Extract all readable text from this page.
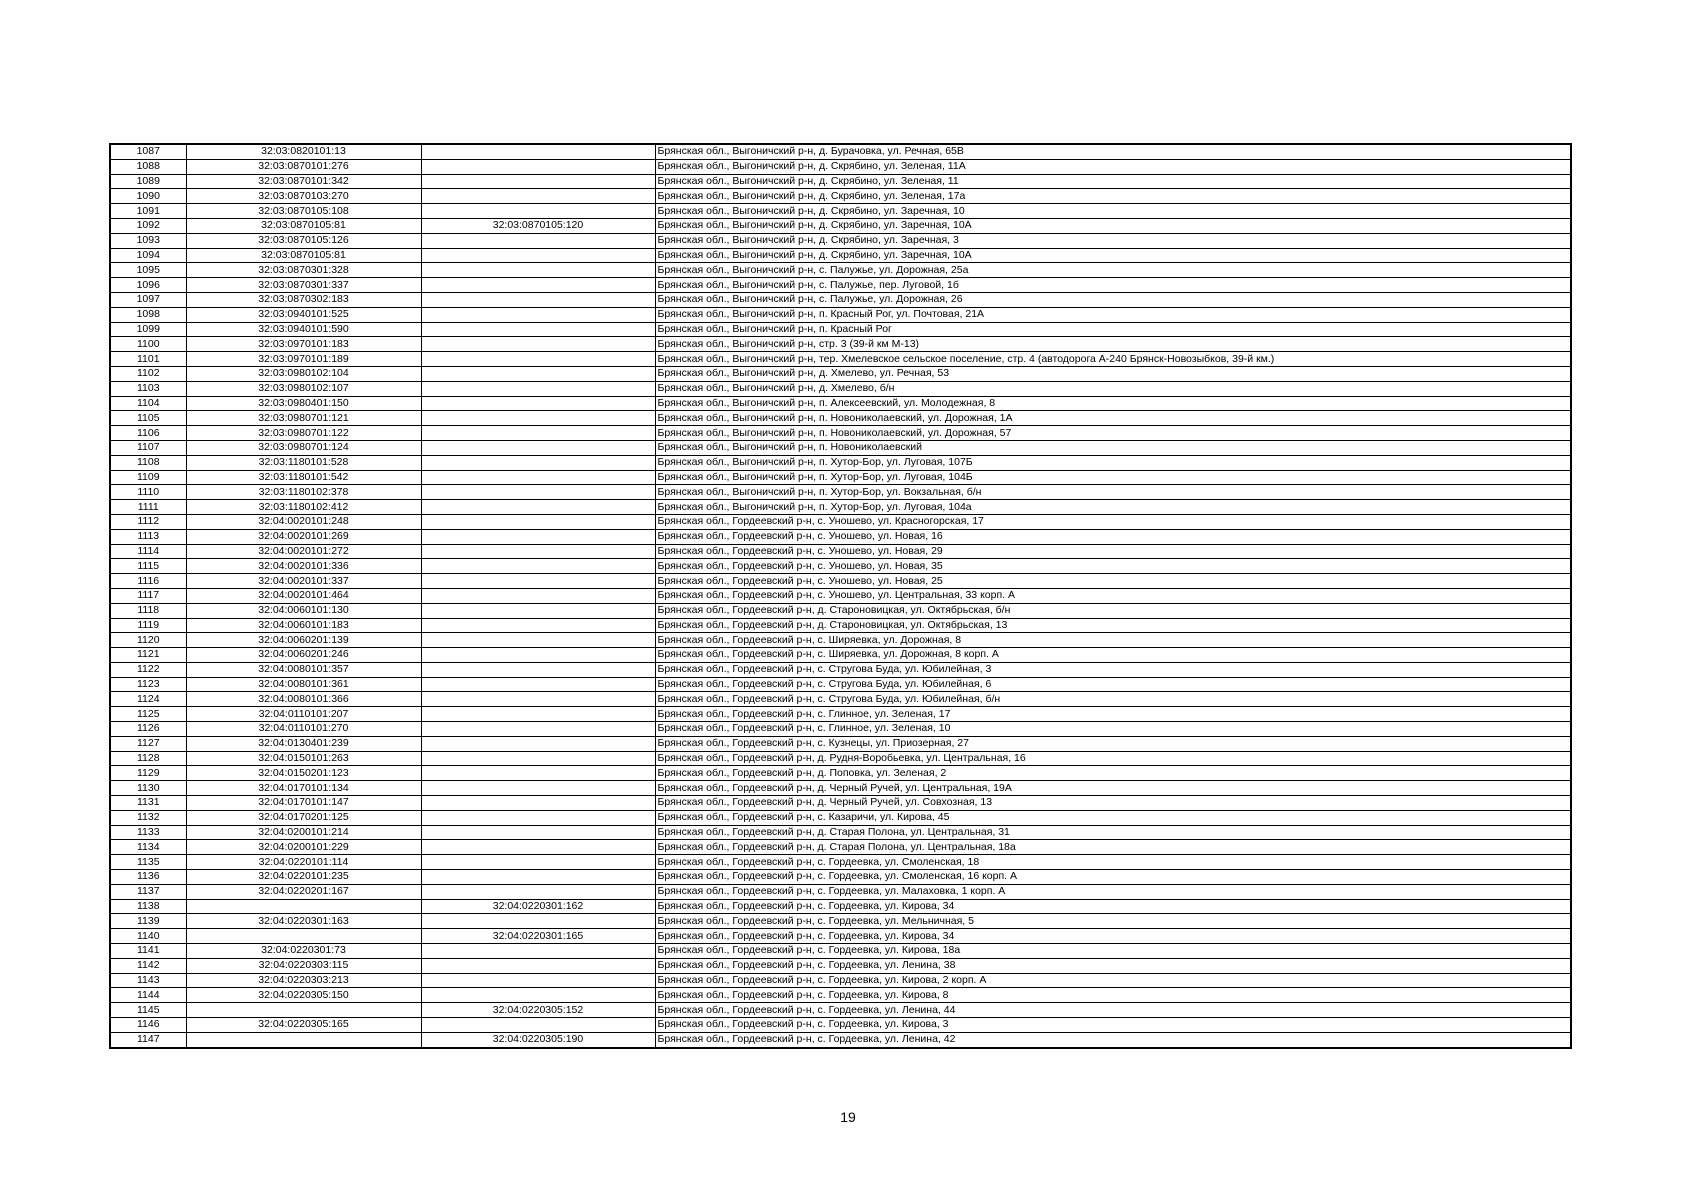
1087	32:03:0820101:13		Брянская обл., Выгоничский р-н, д. Бурачовка, ул. Речная, 65В
1088	32:03:0870101:276		Брянская обл., Выгоничский р-н, д. Скрябино, ул. Зеленая, 11А
1089	32:03:0870101:342		Брянская обл., Выгоничский р-н, д. Скрябино, ул. Зеленая, 11
1090	32:03:0870103:270		Брянская обл., Выгоничский р-н, д. Скрябино, ул. Зеленая, 17а
1091	32:03:0870105:108		Брянская обл., Выгоничский р-н, д. Скрябино, ул. Заречная, 10
1092	32:03:0870105:81	32:03:0870105:120	Брянская обл., Выгоничский р-н, д. Скрябино, ул. Заречная, 10А
1093	32:03:0870105:126		Брянская обл., Выгоничский р-н, д. Скрябино, ул. Заречная, 3
1094	32:03:0870105:81		Брянская обл., Выгоничский р-н, д. Скрябино, ул. Заречная, 10А
1095	32:03:0870301:328		Брянская обл., Выгоничский р-н, с. Палужье, ул. Дорожная, 25а
1096	32:03:0870301:337		Брянская обл., Выгоничский р-н, с. Палужье, пер. Луговой, 1б
1097	32:03:0870302:183		Брянская обл., Выгоничский р-н, с. Палужье, ул. Дорожная, 26
1098	32:03:0940101:525		Брянская обл., Выгоничский р-н, п. Красный Рог, ул. Почтовая, 21А
1099	32:03:0940101:590		Брянская обл., Выгоничский р-н, п. Красный Рог
1100	32:03:0970101:183		Брянская обл., Выгоничский р-н, стр. 3 (39-й км М-13)
1101	32:03:0970101:189		Брянская обл., Выгоничский р-н, тер. Хмелевское сельское поселение, стр. 4 (автодорога А-240 Брянск-Новозыбков, 39-й км.)
1102	32:03:0980102:104		Брянская обл., Выгоничский р-н, д. Хмелево, ул. Речная, 53
1103	32:03:0980102:107		Брянская обл., Выгоничский р-н, д. Хмелево, б/н
1104	32:03:0980401:150		Брянская обл., Выгоничский р-н, п. Алексеевский, ул. Молодежная, 8
1105	32:03:0980701:121		Брянская обл., Выгоничский р-н, п. Новониколаевский, ул. Дорожная, 1А
1106	32:03:0980701:122		Брянская обл., Выгоничский р-н, п. Новониколаевский, ул. Дорожная, 57
1107	32:03:0980701:124		Брянская обл., Выгоничский р-н, п. Новониколаевский
1108	32:03:1180101:528		Брянская обл., Выгоничский р-н, п. Хутор-Бор, ул. Луговая, 107Б
1109	32:03:1180101:542		Брянская обл., Выгоничский р-н, п. Хутор-Бор, ул. Луговая, 104Б
1110	32:03:1180102:378		Брянская обл., Выгоничский р-н, п. Хутор-Бор, ул. Вокзальная, б/н
1111	32:03:1180102:412		Брянская обл., Выгоничский р-н, п. Хутор-Бор, ул. Луговая, 104а
1112	32:04:0020101:248		Брянская обл., Гордеевский р-н, с. Уношево, ул. Красногорская, 17
1113	32:04:0020101:269		Брянская обл., Гордеевский р-н, с. Уношево, ул. Новая, 16
1114	32:04:0020101:272		Брянская обл., Гордеевский р-н, с. Уношево, ул. Новая, 29
1115	32:04:0020101:336		Брянская обл., Гордеевский р-н, с. Уношево, ул. Новая, 35
1116	32:04:0020101:337		Брянская обл., Гордеевский р-н, с. Уношево, ул. Новая, 25
1117	32:04:0020101:464		Брянская обл., Гордеевский р-н, с. Уношево, ул. Центральная, 33 корп. А
1118	32:04:0060101:130		Брянская обл., Гордеевский р-н, д. Староновицкая, ул. Октябрьская, б/н
1119	32:04:0060101:183		Брянская обл., Гордеевский р-н, д. Староновицкая, ул. Октябрьская, 13
1120	32:04:0060201:139		Брянская обл., Гордеевский р-н, с. Ширяевка, ул. Дорожная, 8
1121	32:04:0060201:246		Брянская обл., Гордеевский р-н, с. Ширяевка, ул. Дорожная, 8 корп. А
1122	32:04:0080101:357		Брянская обл., Гордеевский р-н, с. Стругова Буда, ул. Юбилейная, 3
1123	32:04:0080101:361		Брянская обл., Гордеевский р-н, с. Стругова Буда, ул. Юбилейная, 6
1124	32:04:0080101:366		Брянская обл., Гордеевский р-н, с. Стругова Буда, ул. Юбилейная, б/н
1125	32:04:0110101:207		Брянская обл., Гордеевский р-н, с. Глинное, ул. Зеленая, 17
1126	32:04:0110101:270		Брянская обл., Гордеевский р-н, с. Глинное, ул. Зеленая, 10
1127	32:04:0130401:239		Брянская обл., Гордеевский р-н, с. Кузнецы, ул. Приозерная, 27
1128	32:04:0150101:263		Брянская обл., Гордеевский р-н, д. Рудня-Воробьевка, ул. Центральная, 16
1129	32:04:0150201:123		Брянская обл., Гордеевский р-н, д. Поповка, ул. Зеленая, 2
1130	32:04:0170101:134		Брянская обл., Гордеевский р-н, д. Черный Ручей, ул. Центральная, 19А
1131	32:04:0170101:147		Брянская обл., Гордеевский р-н, д. Черный Ручей, ул. Совхозная, 13
1132	32:04:0170201:125		Брянская обл., Гордеевский р-н, с. Казаричи, ул. Кирова, 45
1133	32:04:0200101:214		Брянская обл., Гордеевский р-н, д. Старая Полона, ул. Центральная, 31
1134	32:04:0200101:229		Брянская обл., Гордеевский р-н, д. Старая Полона, ул. Центральная, 18а
1135	32:04:0220101:114		Брянская обл., Гордеевский р-н, с. Гордеевка, ул. Смоленская, 18
1136	32:04:0220101:235		Брянская обл., Гордеевский р-н, с. Гордеевка, ул. Смоленская, 16 корп. А
1137	32:04:0220201:167		Брянская обл., Гордеевский р-н, с. Гордеевка, ул. Малаховка, 1 корп. А
1138		32:04:0220301:162	Брянская обл., Гордеевский р-н, с. Гордеевка, ул. Кирова, 34
1139	32:04:0220301:163		Брянская обл., Гордеевский р-н, с. Гордеевка, ул. Мельничная, 5
1140		32:04:0220301:165	Брянская обл., Гордеевский р-н, с. Гордеевка, ул. Кирова, 34
1141	32:04:0220301:73		Брянская обл., Гордеевский р-н, с. Гордеевка, ул. Кирова, 18а
1142	32:04:0220303:115		Брянская обл., Гордеевский р-н, с. Гордеевка, ул. Ленина, 38
1143	32:04:0220303:213		Брянская обл., Гордеевский р-н, с. Гордеевка, ул. Кирова, 2 корп. А
1144	32:04:0220305:150		Брянская обл., Гордеевский р-н, с. Гордеевка, ул. Кирова, 8
1145		32:04:0220305:152	Брянская обл., Гордеевский р-н, с. Гордеевка, ул. Ленина, 44
1146	32:04:0220305:165		Брянская обл., Гордеевский р-н, с. Гордеевка, ул. Кирова, 3
1147		32:04:0220305:190	Брянская обл., Гордеевский р-н, с. Гордеевка, ул. Ленина, 42
19
